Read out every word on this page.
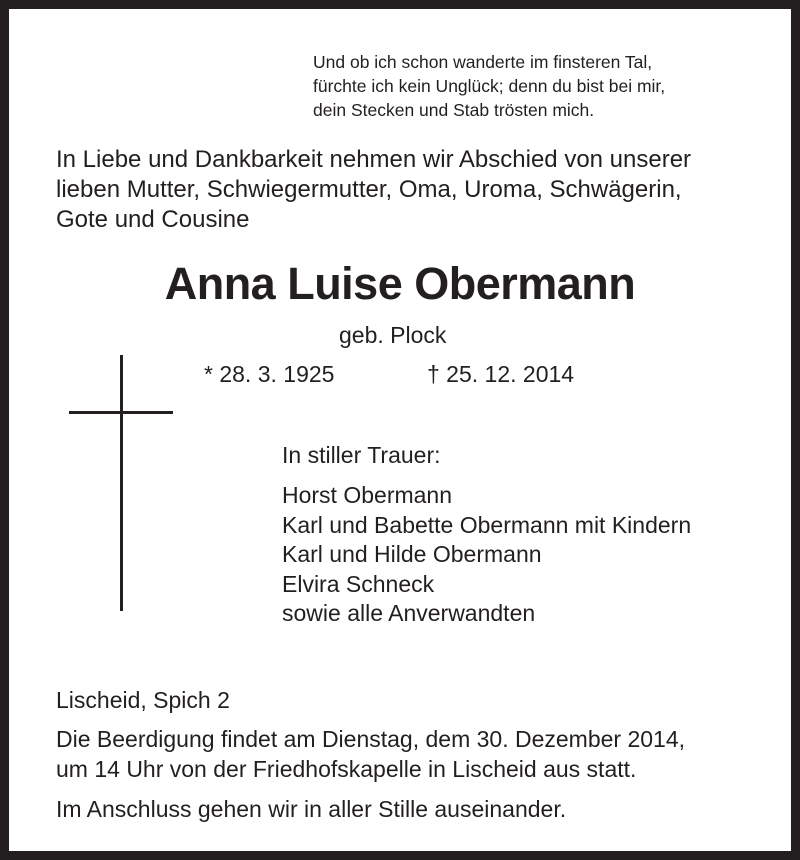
Und ob ich schon wanderte im finsteren Tal,
fürchte ich kein Unglück; denn du bist bei mir,
dein Stecken und Stab trösten mich.
In Liebe und Dankbarkeit nehmen wir Abschied von unserer
lieben Mutter, Schwiegermutter, Oma, Uroma, Schwägerin,
Gote und Cousine
Anna Luise Obermann
geb. Plock
* 28. 3. 1925	† 25. 12. 2014
In stiller Trauer:
Horst Obermann
Karl und Babette Obermann mit Kindern
Karl und Hilde Obermann
Elvira Schneck
sowie alle Anverwandten
Lischeid, Spich 2
Die Beerdigung findet am Dienstag, dem 30. Dezember 2014,
um 14 Uhr von der Friedhofskapelle in Lischeid aus statt.
Im Anschluss gehen wir in aller Stille auseinander.
